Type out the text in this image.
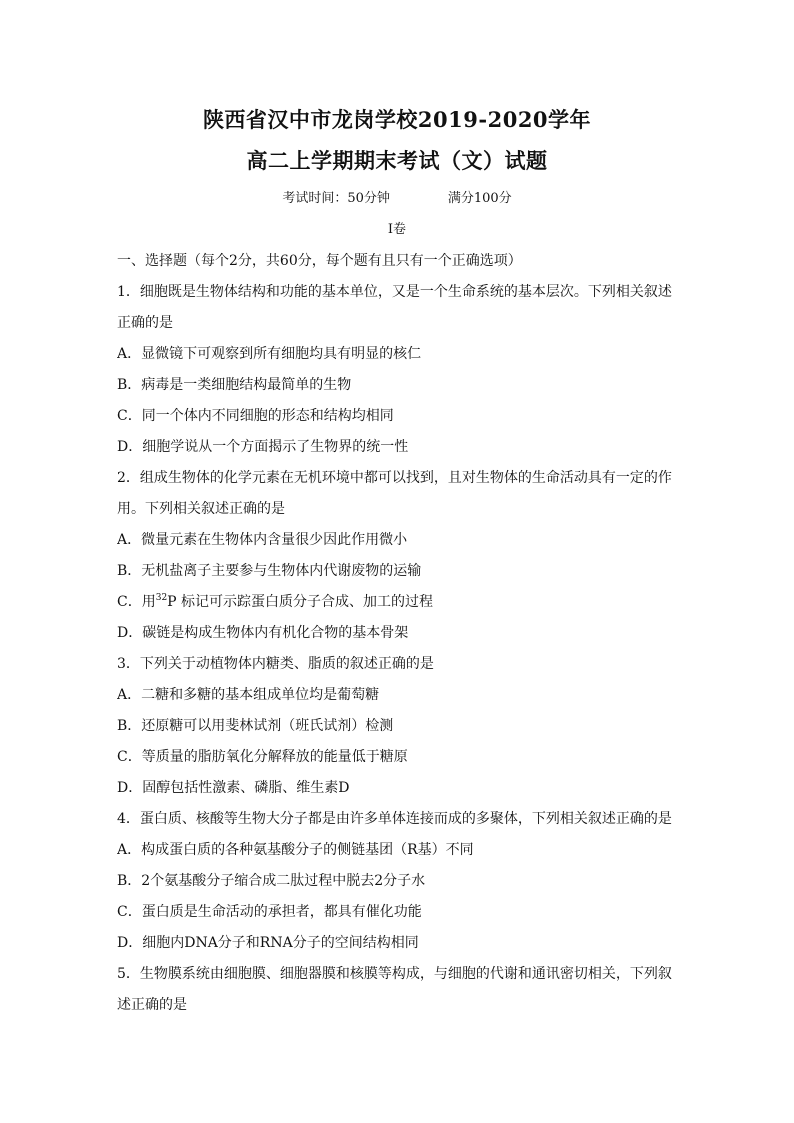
陕西省汉中市龙岗学校2019-2020学年
高二上学期期末考试（文）试题
考试时间：50分钟	满分100分
Ⅰ卷
一、选择题（每个2分，共60分，每个题有且只有一个正确选项）
1．细胞既是生物体结构和功能的基本单位，又是一个生命系统的基本层次。下列相关叙述
正确的是
A．显微镜下可观察到所有细胞均具有明显的核仁
B．病毒是一类细胞结构最简单的生物
C．同一个体内不同细胞的形态和结构均相同
D．细胞学说从一个方面揭示了生物界的统一性
2．组成生物体的化学元素在无机环境中都可以找到，且对生物体的生命活动具有一定的作
用。下列相关叙述正确的是
A．微量元素在生物体内含量很少因此作用微小
B．无机盐离子主要参与生物体内代谢废物的运输
C．用$^{32}$P 标记可示踪蛋白质分子合成、加工的过程
D．碳链是构成生物体内有机化合物的基本骨架
3．下列关于动植物体内糖类、脂质的叙述正确的是
A．二糖和多糖的基本组成单位均是葡萄糖
B．还原糖可以用斐林试剂（班氏试剂）检测
C．等质量的脂肪氧化分解释放的能量低于糖原
D．固醇包括性激素、磷脂、维生素D
4．蛋白质、核酸等生物大分子都是由许多单体连接而成的多聚体，下列相关叙述正确的是
A．构成蛋白质的各种氨基酸分子的侧链基团（R基）不同
B．2个氨基酸分子缩合成二肽过程中脱去2分子水
C．蛋白质是生命活动的承担者，都具有催化功能
D．细胞内DNA分子和RNA分子的空间结构相同
5．生物膜系统由细胞膜、细胞器膜和核膜等构成，与细胞的代谢和通讯密切相关，下列叙
述正确的是
